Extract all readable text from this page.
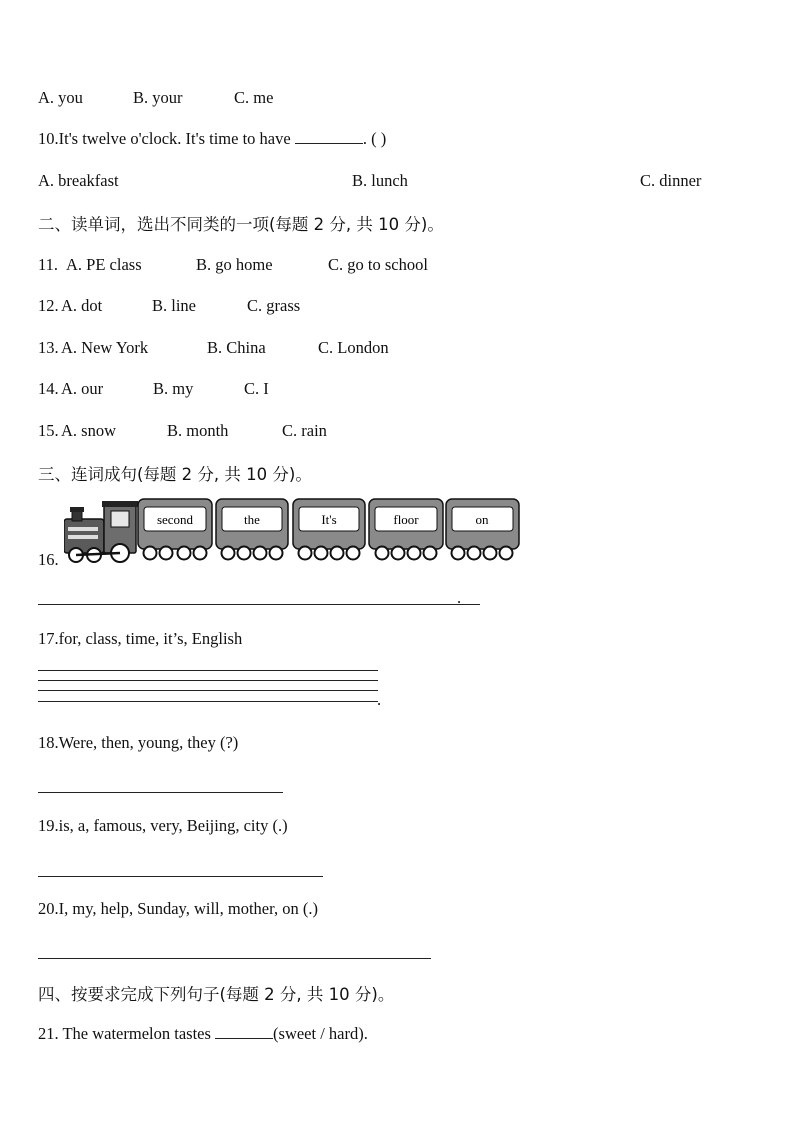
A. you	B. your	C. me
10.It's twelve o'clock. It's time to have	. ( )
A. breakfast	B. lunch	C. dinner
二、读单词，选出不同类的一项(每题 2 分, 共 10 分)。
11. A. PE class	B. go home	C. go to school
12. A. dot	B. line	C. grass
13. A. New York	B. China	C. London
14. A. our	B. my	C. I
15. A. snow	B. month	C. rain
三、连词成句(每题 2 分, 共 10 分)。
second	the	It's	floor	on
16.
.
17.for, class, time, it’s, English
.
18.Were, then, young, they (?)
19.is, a, famous, very, Beijing, city (.)
20.I, my, help, Sunday, will, mother, on (.)
四、按要求完成下列句子(每题 2 分, 共 10 分)。
21. The watermelon tastes	(sweet / hard).
